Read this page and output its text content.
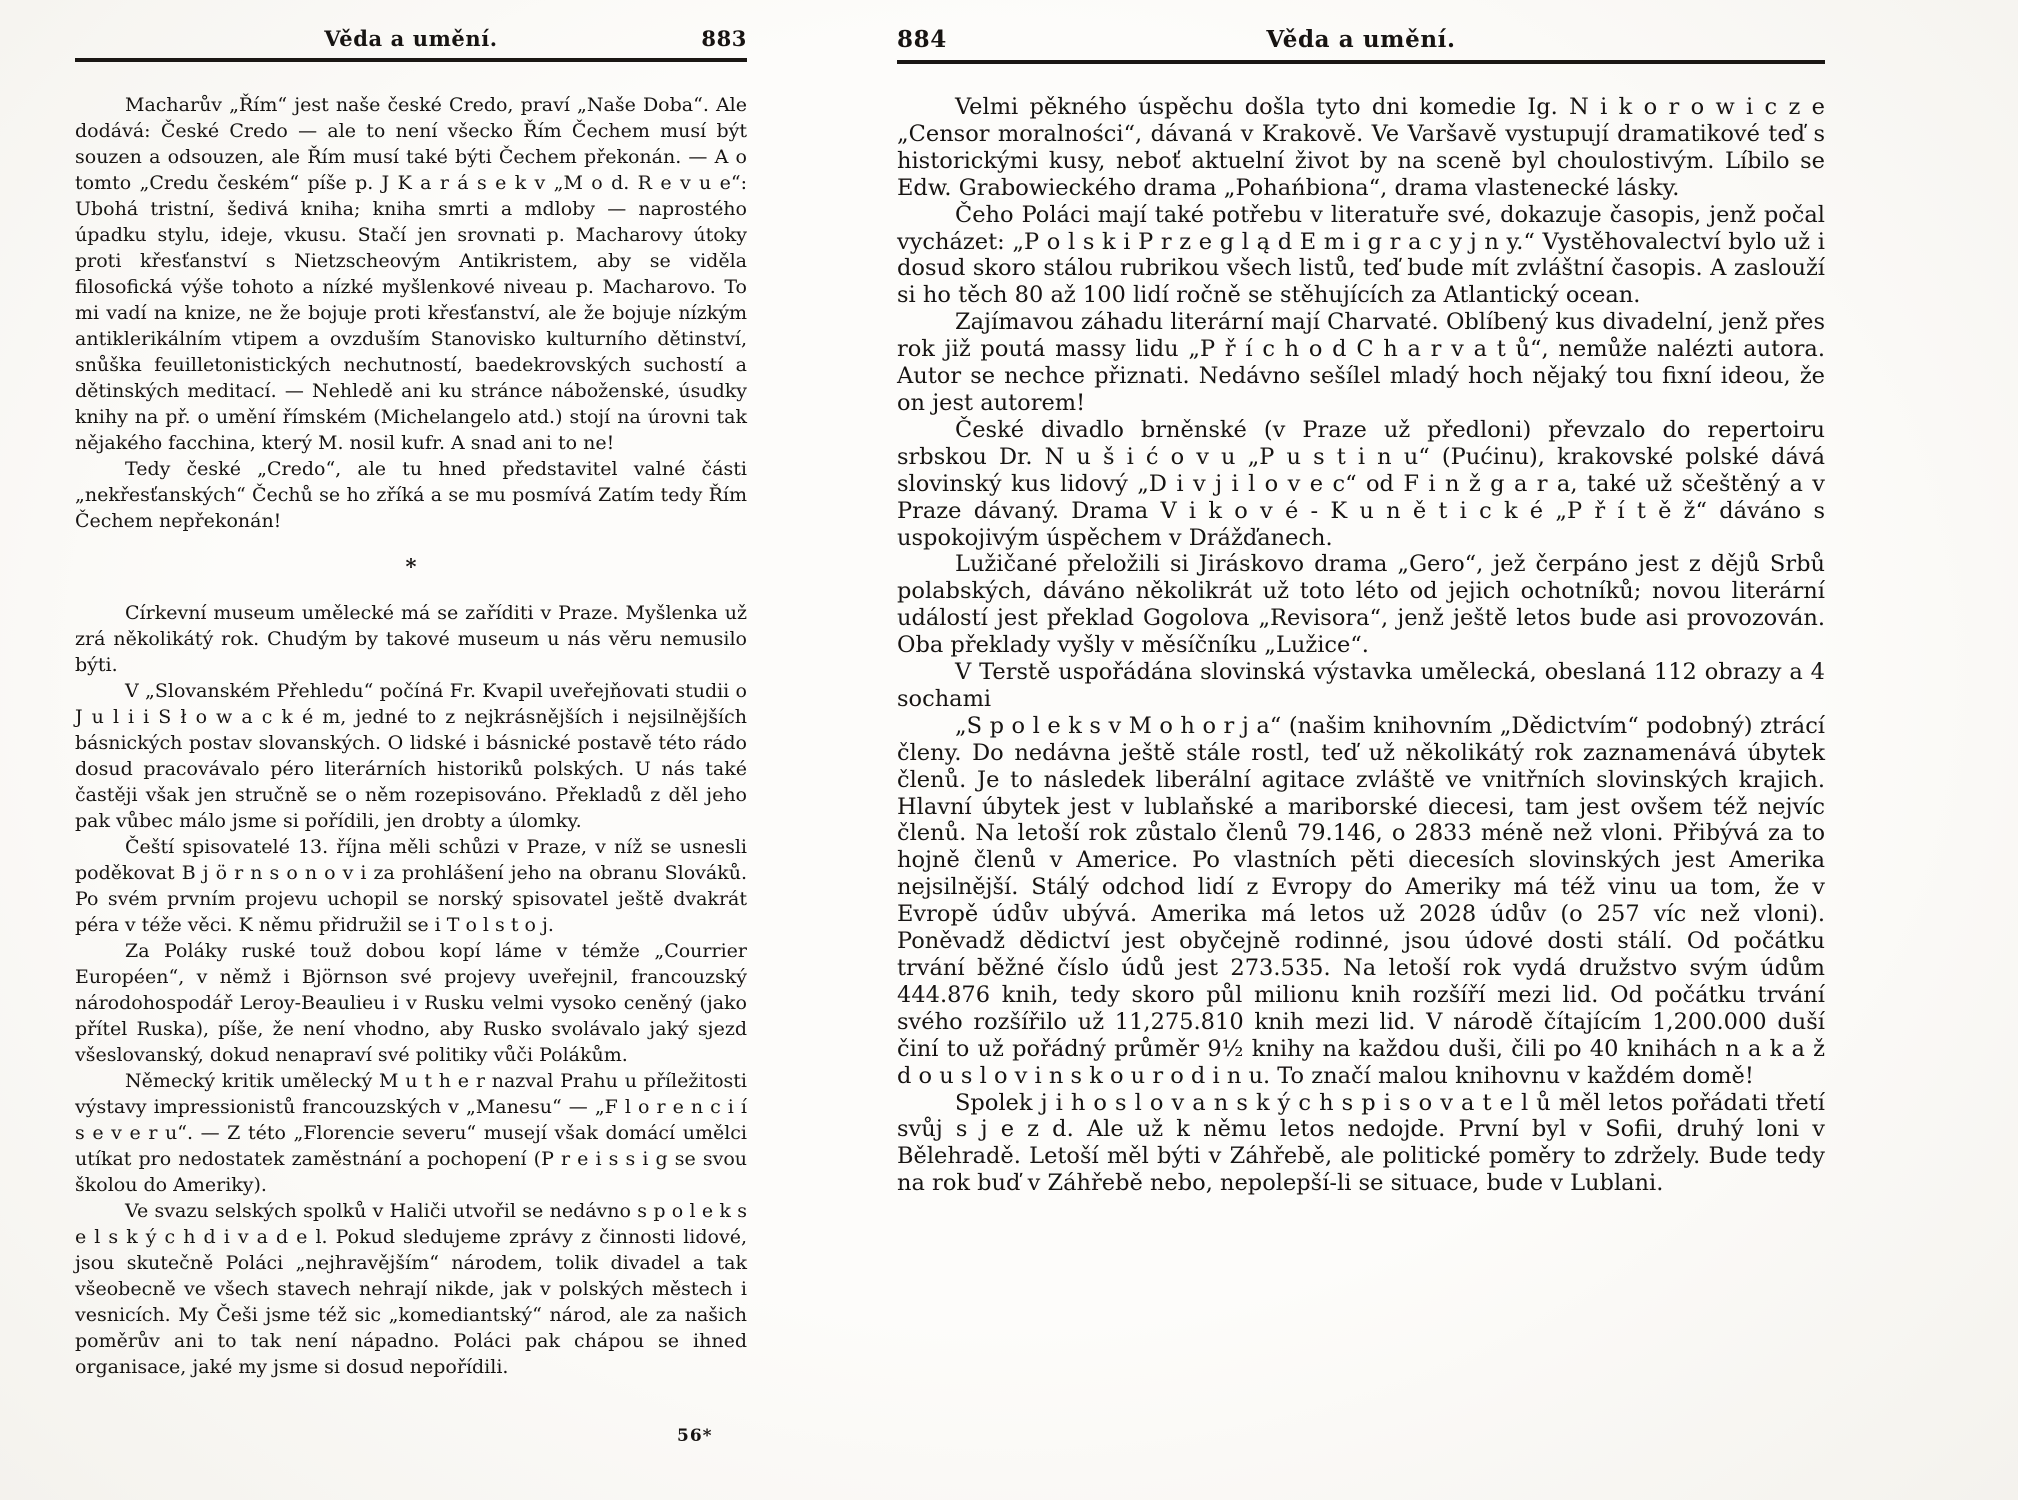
Věda a umění.	883

Macharův „Řím“ jest naše české Credo, praví „Naše Doba“. Ale dodává: České Credo — ale to není všecko Řím Čechem musí být souzen a odsouzen, ale Řím musí také býti Čechem překonán. — A o tomto „Credu českém“ píše p. J K a r á s e k v „M o d. R e v u e“: Ubohá tristní, šedivá kniha; kniha smrti a mdloby — naprostého úpadku stylu, ideje, vkusu. Stačí jen srovnati p. Macharovy útoky proti křesťanství s Nietzscheovým Antikristem, aby se viděla filosofická výše tohoto a nízké myšlenkové niveau p. Macharovo. To mi vadí na knize, ne že bojuje proti křesťanství, ale že bojuje nízkým antiklerikálním vtipem a ovzduším Stanovisko kulturního dětinství, snůška feuilletonistických nechutností, baedekrovských suchostí a dětinských meditací. — Nehledě ani ku stránce náboženské, úsudky knihy na př. o umění římském (Michelangelo atd.) stojí na úrovni tak nějakého facchina, který M. nosil kufr. A snad ani to ne!

Tedy české „Credo“, ale tu hned představitel valné části „nekřesťanských“ Čechů se ho zříká a se mu posmívá Zatím tedy Řím Čechem nepřekonán!

*

Církevní museum umělecké má se zaříditi v Praze. Myšlenka už zrá několikátý rok. Chudým by takové museum u nás věru nemusilo býti.

V „Slovanském Přehledu“ počíná Fr. Kvapil uveřejňovati studii o J u l i i S ł o w a c k é m, jedné to z nejkrásnějších i nejsilnějších básnických postav slovanských. O lidské i básnické postavě této rádo dosud pracovávalo péro literárních historiků polských. U nás také častěji však jen stručně se o něm rozepisováno. Překladů z děl jeho pak vůbec málo jsme si pořídili, jen drobty a úlomky.

Čeští spisovatelé 13. října měli schůzi v Praze, v níž se usnesli poděkovat B j ö r n s o n o v i za prohlášení jeho na obranu Slováků. Po svém prvním projevu uchopil se norský spisovatel ještě dvakrát péra v téže věci. K němu přidružil se i T o l s t o j.

Za Poláky ruské touž dobou kopí láme v témže „Courrier Européen“, v němž i Björnson své projevy uveřejnil, francouzský národohospodář Leroy-Beaulieu i v Rusku velmi vysoko ceněný (jako přítel Ruska), píše, že není vhodno, aby Rusko svolávalo jaký sjezd všeslovanský, dokud nenapraví své politiky vůči Polákům.

Německý kritik umělecký M u t h e r nazval Prahu u příležitosti výstavy impressionistů francouzských v „Manesu“ — „F l o r e n c i í s e v e r u“. — Z této „Florencie severu“ musejí však domácí umělci utíkat pro nedostatek zaměstnání a pochopení (P r e i s s i g se svou školou do Ameriky).

Ve svazu selských spolků v Haliči utvořil se nedávno s p o l e k s e l s k ý c h d i v a d e l. Pokud sledujeme zprávy z činnosti lidové, jsou skutečně Poláci „nejhravějším“ národem, tolik divadel a tak všeobecně ve všech stavech nehrají nikde, jak v polských městech i vesnicích. My Češi jsme též sic „komediantský“ národ, ale za našich poměrův ani to tak není nápadno. Poláci pak chápou se ihned organisace, jaké my jsme si dosud nepořídili.

56*
884	Věda a umění.

Velmi pěkného úspěchu došla tyto dni komedie Ig. N i k o r o w i c z e „Censor moralności“, dávaná v Krakově. Ve Varšavě vystupují dramatikové teď s historickými kusy, neboť aktuelní život by na sceně byl choulostivým. Líbilo se Edw. Grabowieckého drama „Pohańbiona“, drama vlastenecké lásky.

Čeho Poláci mají také potřebu v literatuře své, dokazuje časopis, jenž počal vycházet: „P o l s k i P r z e g l ą d E m i g r a c y j n y.“ Vystěhovalectví bylo už i dosud skoro stálou rubrikou všech listů, teď bude mít zvláštní časopis. A zaslouží si ho těch 80 až 100 lidí ročně se stěhujících za Atlantický ocean.

Zajímavou záhadu literární mají Charvaté. Oblíbený kus divadelní, jenž přes rok již poutá massy lidu „P ř í c h o d C h a r v a t ů“, nemůže nalézti autora. Autor se nechce přiznati. Nedávno sešílel mladý hoch nějaký tou fixní ideou, že on jest autorem!

České divadlo brněnské (v Praze už předloni) převzalo do repertoiru srbskou Dr. N u š i ć o v u „P u s t i n u“ (Pućinu), krakovské polské dává slovinský kus lidový „D i v j i l o v e c“ od F i n ž g a r a, také už sčeštěný a v Praze dávaný. Drama V i k o v é - K u n ě t i c k é „P ř í t ě ž“ dáváno s uspokojivým úspěchem v Drážďanech.

Lužičané přeložili si Jiráskovo drama „Gero“, jež čerpáno jest z dějů Srbů polabských, dáváno několikrát už toto léto od jejich ochotníků; novou literární událostí jest překlad Gogolova „Revisora“, jenž ještě letos bude asi provozován. Oba překlady vyšly v měsíčníku „Lužice“.

V Terstě uspořádána slovinská výstavka umělecká, obeslaná 112 obrazy a 4 sochami

„S p o l e k s v M o h o r j a“ (našim knihovním „Dědictvím“ podobný) ztrácí členy. Do nedávna ještě stále rostl, teď už několikátý rok zaznamenává úbytek členů. Je to následek liberální agitace zvláště ve vnitřních slovinských krajich. Hlavní úbytek jest v lublaňské a mariborské diecesi, tam jest ovšem též nejvíc členů. Na letoší rok zůstalo členů 79.146, o 2833 méně než vloni. Přibývá za to hojně členů v Americe. Po vlastních pěti diecesích slovinských jest Amerika nejsilnější. Stálý odchod lidí z Evropy do Ameriky má též vinu ua tom, že v Evropě údův ubývá. Amerika má letos už 2028 údův (o 257 víc než vloni). Poněvadž dědictví jest obyčejně rodinné, jsou údové dosti stálí. Od počátku trvání běžné číslo údů jest 273.535. Na letoší rok vydá družstvo svým údům 444.876 knih, tedy skoro půl milionu knih rozšíří mezi lid. Od počátku trvání svého rozšířilo už 11,275.810 knih mezi lid. V národě čítajícím 1,200.000 duší činí to už pořádný průměr 9½ knihy na každou duši, čili po 40 knihách n a k a ž d o u s l o v i n s k o u r o d i n u. To značí malou knihovnu v každém domě!

Spolek j i h o s l o v a n s k ý c h s p i s o v a t e l ů měl letos pořádati třetí svůj s j e z d. Ale už k němu letos nedojde. První byl v Sofii, druhý loni v Bělehradě. Letoší měl býti v Záhřebě, ale politické poměry to zdržely. Bude tedy na rok buď v Záhřebě nebo, nepolepší-li se situace, bude v Lublani.
